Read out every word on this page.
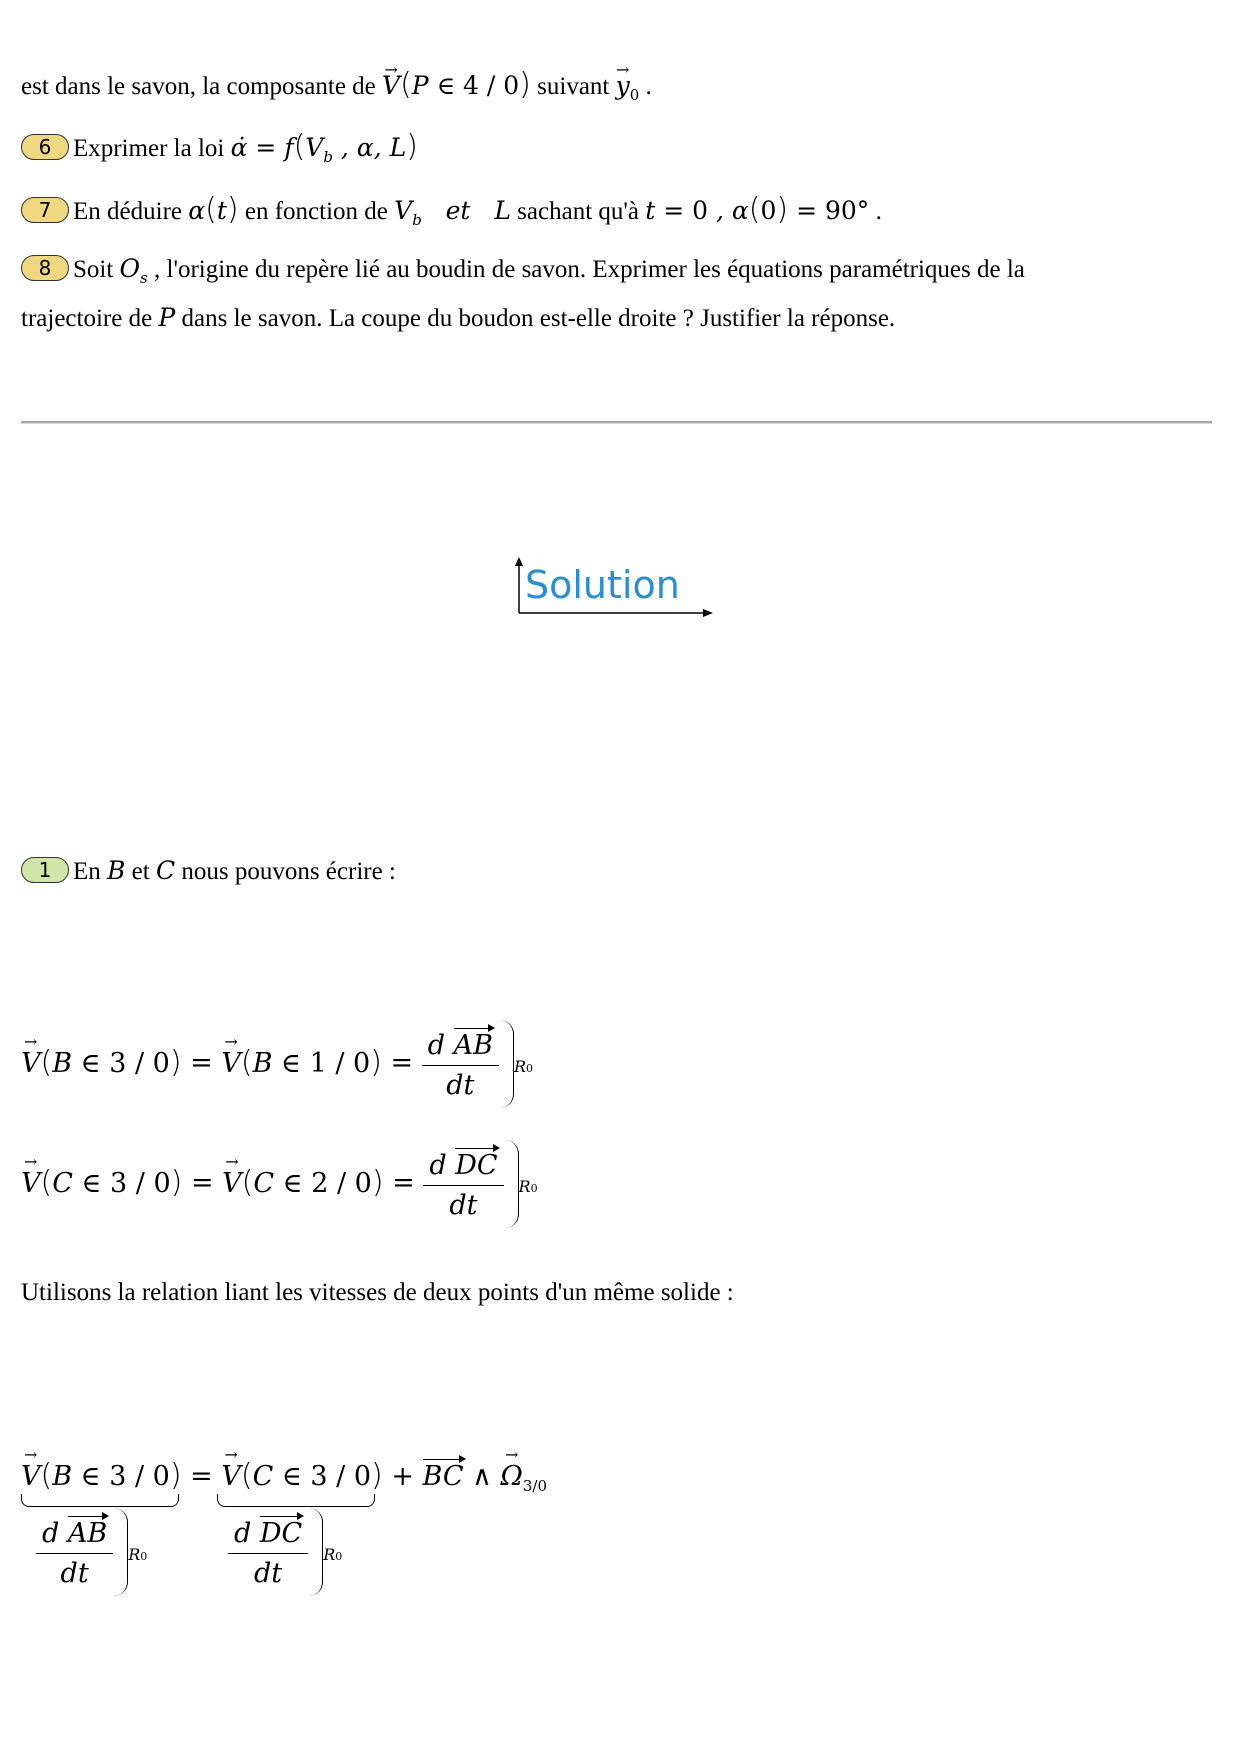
est dans le savon, la composante de → V(P ∈ 4 / 0) suivant → $y_0$ .
6 Exprimer la loi α̇ = $f(V_b$ , α, L)
7 En déduire α(t) en fonction de $V_b$   et   L sachant qu'à t = 0 , α(0) = 90° .
8 Soit $O_s$ , l'origine du repère lié au boudin de savon. Exprimer les équations paramétriques de la
trajectoire de P dans le savon. La coupe du boudon est-elle droite ? Justifier la réponse.
Solution
1 En B et C nous pouvons écrire :
→ V(B ∈ 3 / 0) = → V(B ∈ $1 / 0) = \frac{\text{d AB}}{dt} R0$
→ V(C ∈ 3 / 0) = → V(C ∈ $2 / 0) = \frac{\text{d DC}}{dt} R0$
Utilisons la relation liant les vitesses de deux points d'un même solide :
→ V(B ∈ 3 / 0) = → V(C ∈ 3 / 0) + BC ∧ → $\Omega_{3/0}$
$\frac{\text{d AB}}{dt} R0$	$\frac{\text{d DC}}{dt} R0$
